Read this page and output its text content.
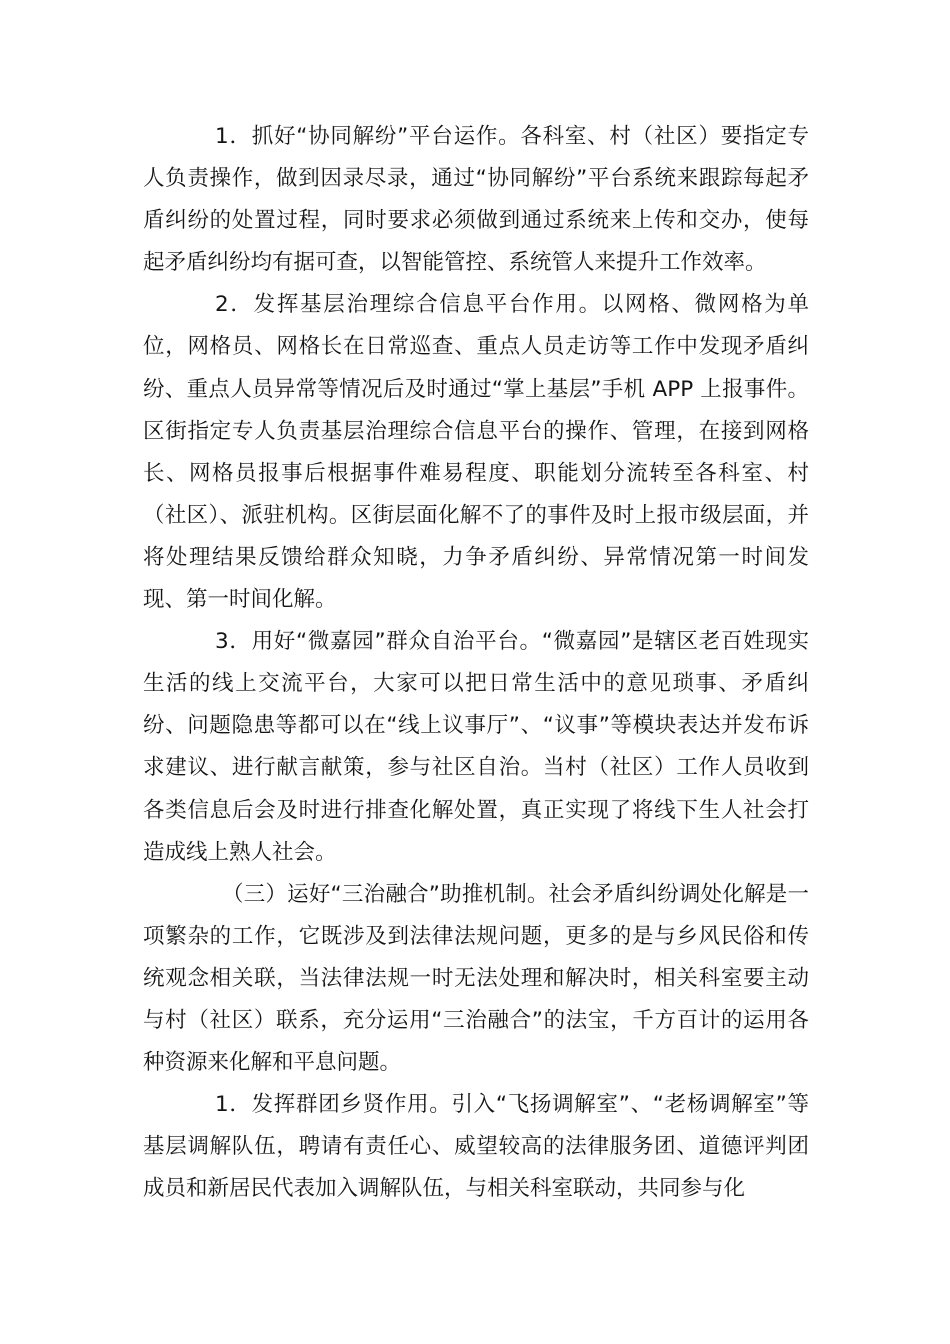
1．抓好“协同解纷”平台运作。各科室、村（社区）要指定专人负责操作，做到因录尽录，通过“协同解纷”平台系统来跟踪每起矛盾纠纷的处置过程，同时要求必须做到通过系统来上传和交办，使每起矛盾纠纷均有据可查，以智能管控、系统管人来提升工作效率。

2．发挥基层治理综合信息平台作用。以网格、微网格为单位，网格员、网格长在日常巡查、重点人员走访等工作中发现矛盾纠纷、重点人员异常等情况后及时通过“掌上基层”手机 APP 上报事件。区街指定专人负责基层治理综合信息平台的操作、管理，在接到网格长、网格员报事后根据事件难易程度、职能划分流转至各科室、村（社区）、派驻机构。区街层面化解不了的事件及时上报市级层面，并将处理结果反馈给群众知晓，力争矛盾纠纷、异常情况第一时间发现、第一时间化解。

3．用好“微嘉园”群众自治平台。“微嘉园”是辖区老百姓现实生活的线上交流平台，大家可以把日常生活中的意见琐事、矛盾纠纷、问题隐患等都可以在“线上议事厅”、“议事”等模块表达并发布诉求建议、进行献言献策，参与社区自治。当村（社区）工作人员收到各类信息后会及时进行排查化解处置，真正实现了将线下生人社会打造成线上熟人社会。

（三）运好“三治融合”助推机制。社会矛盾纠纷调处化解是一项繁杂的工作，它既涉及到法律法规问题，更多的是与乡风民俗和传统观念相关联，当法律法规一时无法处理和解决时，相关科室要主动与村（社区）联系，充分运用“三治融合”的法宝，千方百计的运用各种资源来化解和平息问题。

1．发挥群团乡贤作用。引入“飞扬调解室”、“老杨调解室”等基层调解队伍，聘请有责任心、威望较高的法律服务团、道德评判团成员和新居民代表加入调解队伍，与相关科室联动，共同参与化
